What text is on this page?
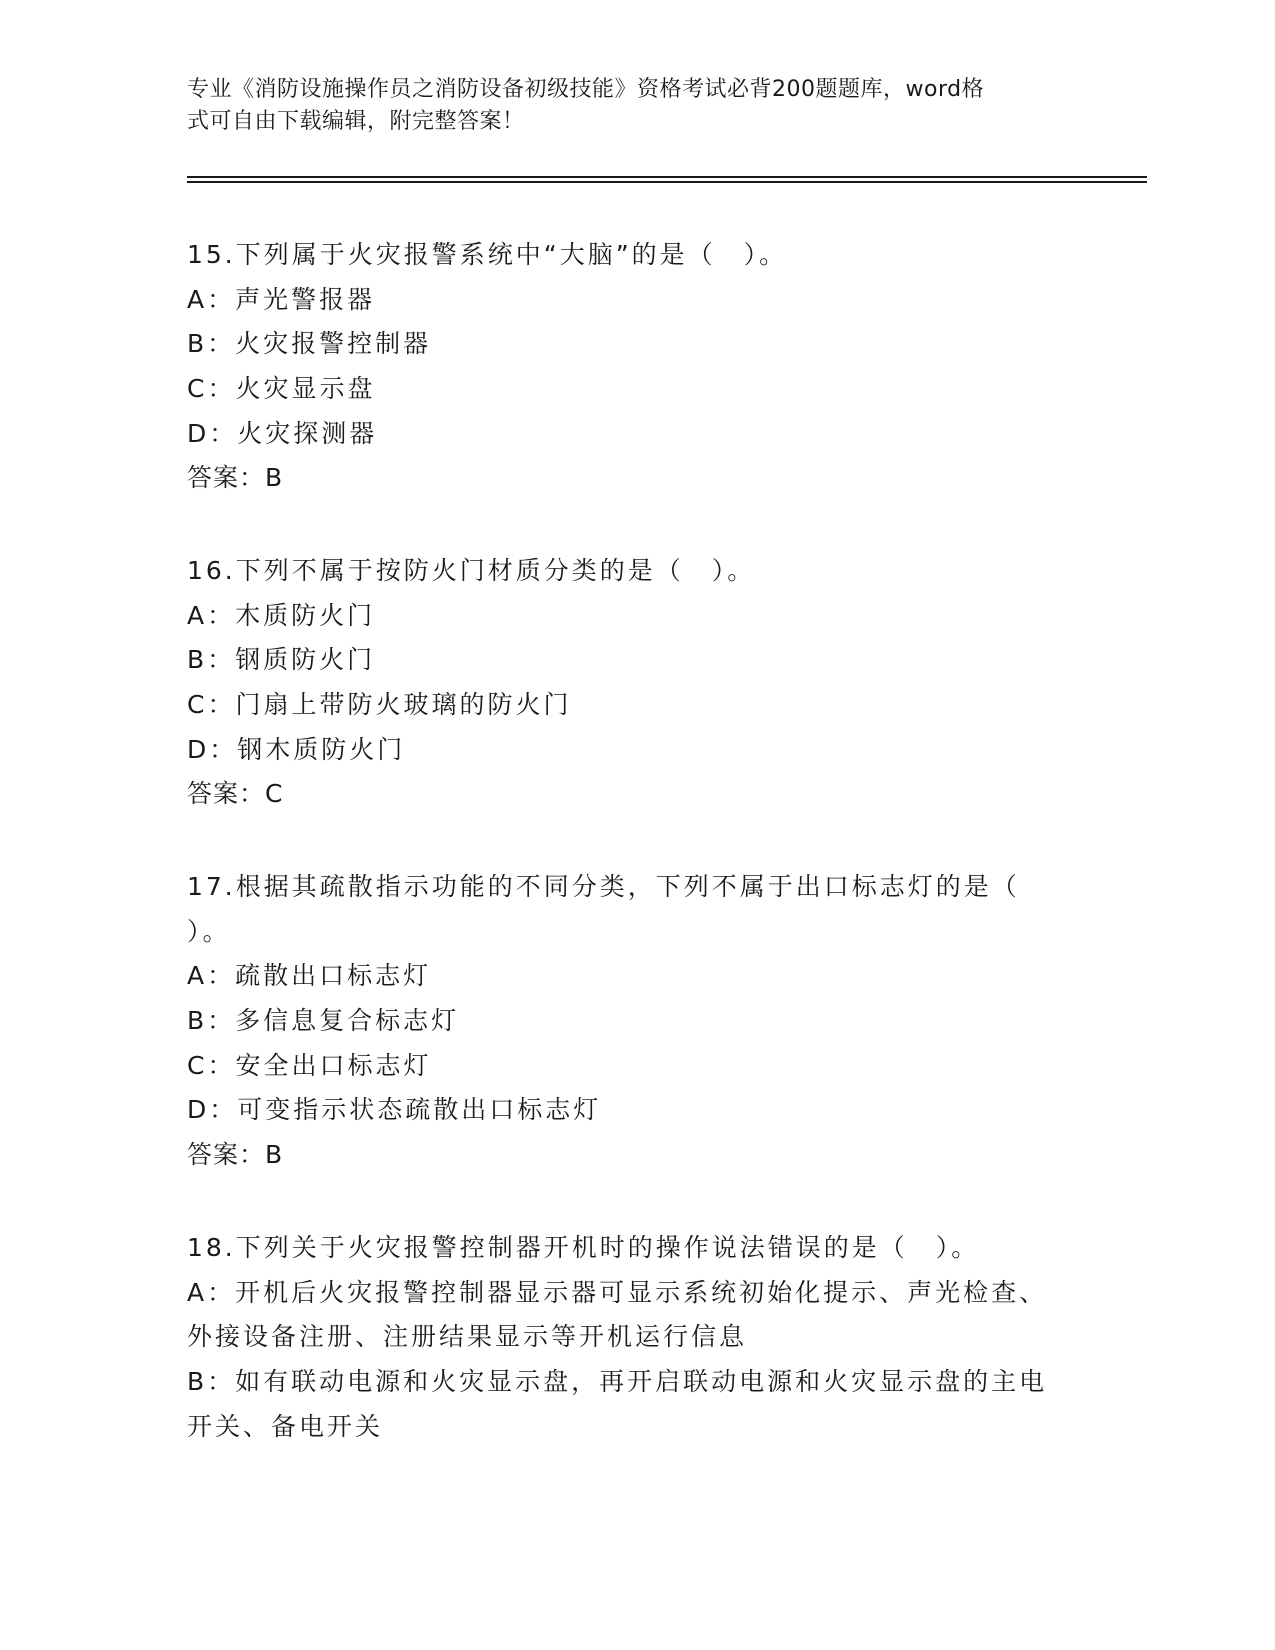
专业《消防设施操作员之消防设备初级技能》资格考试必背200题题库，word格
式可自由下载编辑，附完整答案！
15.下列属于火灾报警系统中“大脑”的是（　）。
A：声光警报器
B：火灾报警控制器
C：火灾显示盘
D：火灾探测器
答案：B
16.下列不属于按防火门材质分类的是（　）。
A：木质防火门
B：钢质防火门
C：门扇上带防火玻璃的防火门
D：钢木质防火门
答案：C
17.根据其疏散指示功能的不同分类，下列不属于出口标志灯的是（
）。
A：疏散出口标志灯
B：多信息复合标志灯
C：安全出口标志灯
D：可变指示状态疏散出口标志灯
答案：B
18.下列关于火灾报警控制器开机时的操作说法错误的是（　）。
A：开机后火灾报警控制器显示器可显示系统初始化提示、声光检查、
外接设备注册、注册结果显示等开机运行信息
B：如有联动电源和火灾显示盘，再开启联动电源和火灾显示盘的主电
开关、备电开关
